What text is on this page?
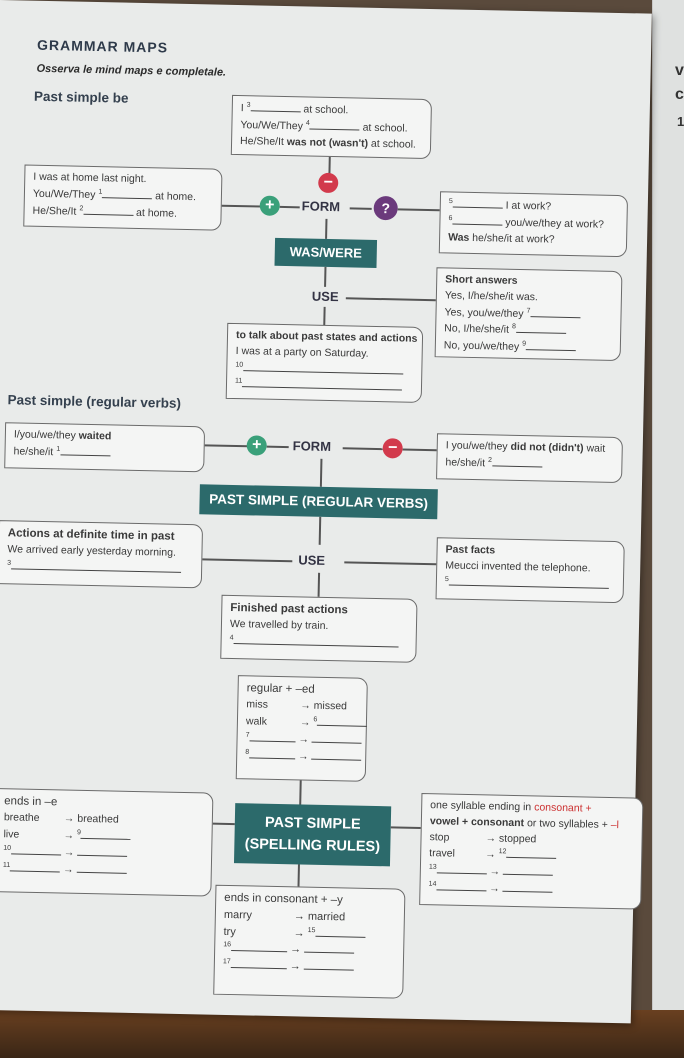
v
c
1
GRAMMAR MAPS
Osserva le mind maps e completale.
Past simple be
I $^3$	at school.
You/We/They $^4$	at school.
He/She/It was not (wasn't) at school.
−
I was at home last night.
You/We/They $^1$	at home.
He/She/It $^2$	at home.	+	FORM	?	$^5$	I at work?
$^6$	you/we/they at work?
Was he/she/it at work?
WAS/WERE
USE
Short answers
Yes, I/he/she/it was.
Yes, you/we/they $^7$
No, I/he/she/it $^8$
No, you/we/they $^9$
to talk about past states and actions
I was at a party on Saturday.
$^{10}$
$^{11}$
Past simple (regular verbs)
I/you/we/they waited
he/she/it $^1$	+	FORM	−	I you/we/they did not (didn't) wait
he/she/it $^2$
PAST SIMPLE (REGULAR VERBS)
Actions at definite time in past
We arrived early yesterday morning.
$^3$	USE
Past facts
Meucci invented the telephone.
$^5$
Finished past actions
We travelled by train.
$^4$
regular + –ed
miss	→ missed
walk	→ $^6$
$^7$	→
$^8$	→
ends in –e
breathe → breathed
live	→ $^9$
$^{10}$	→
$^{11}$	→
PAST SIMPLE
(SPELLING RULES)
one syllable ending in consonant +
vowel + consonant or two syllables + –l
stop	→ stopped
travel	→ $^{12}$
$^{13}$	→
$^{14}$	→
ends in consonant + –y
marry	→ married
try	→ $^{15}$
$^{16}$	→
$^{17}$	→
